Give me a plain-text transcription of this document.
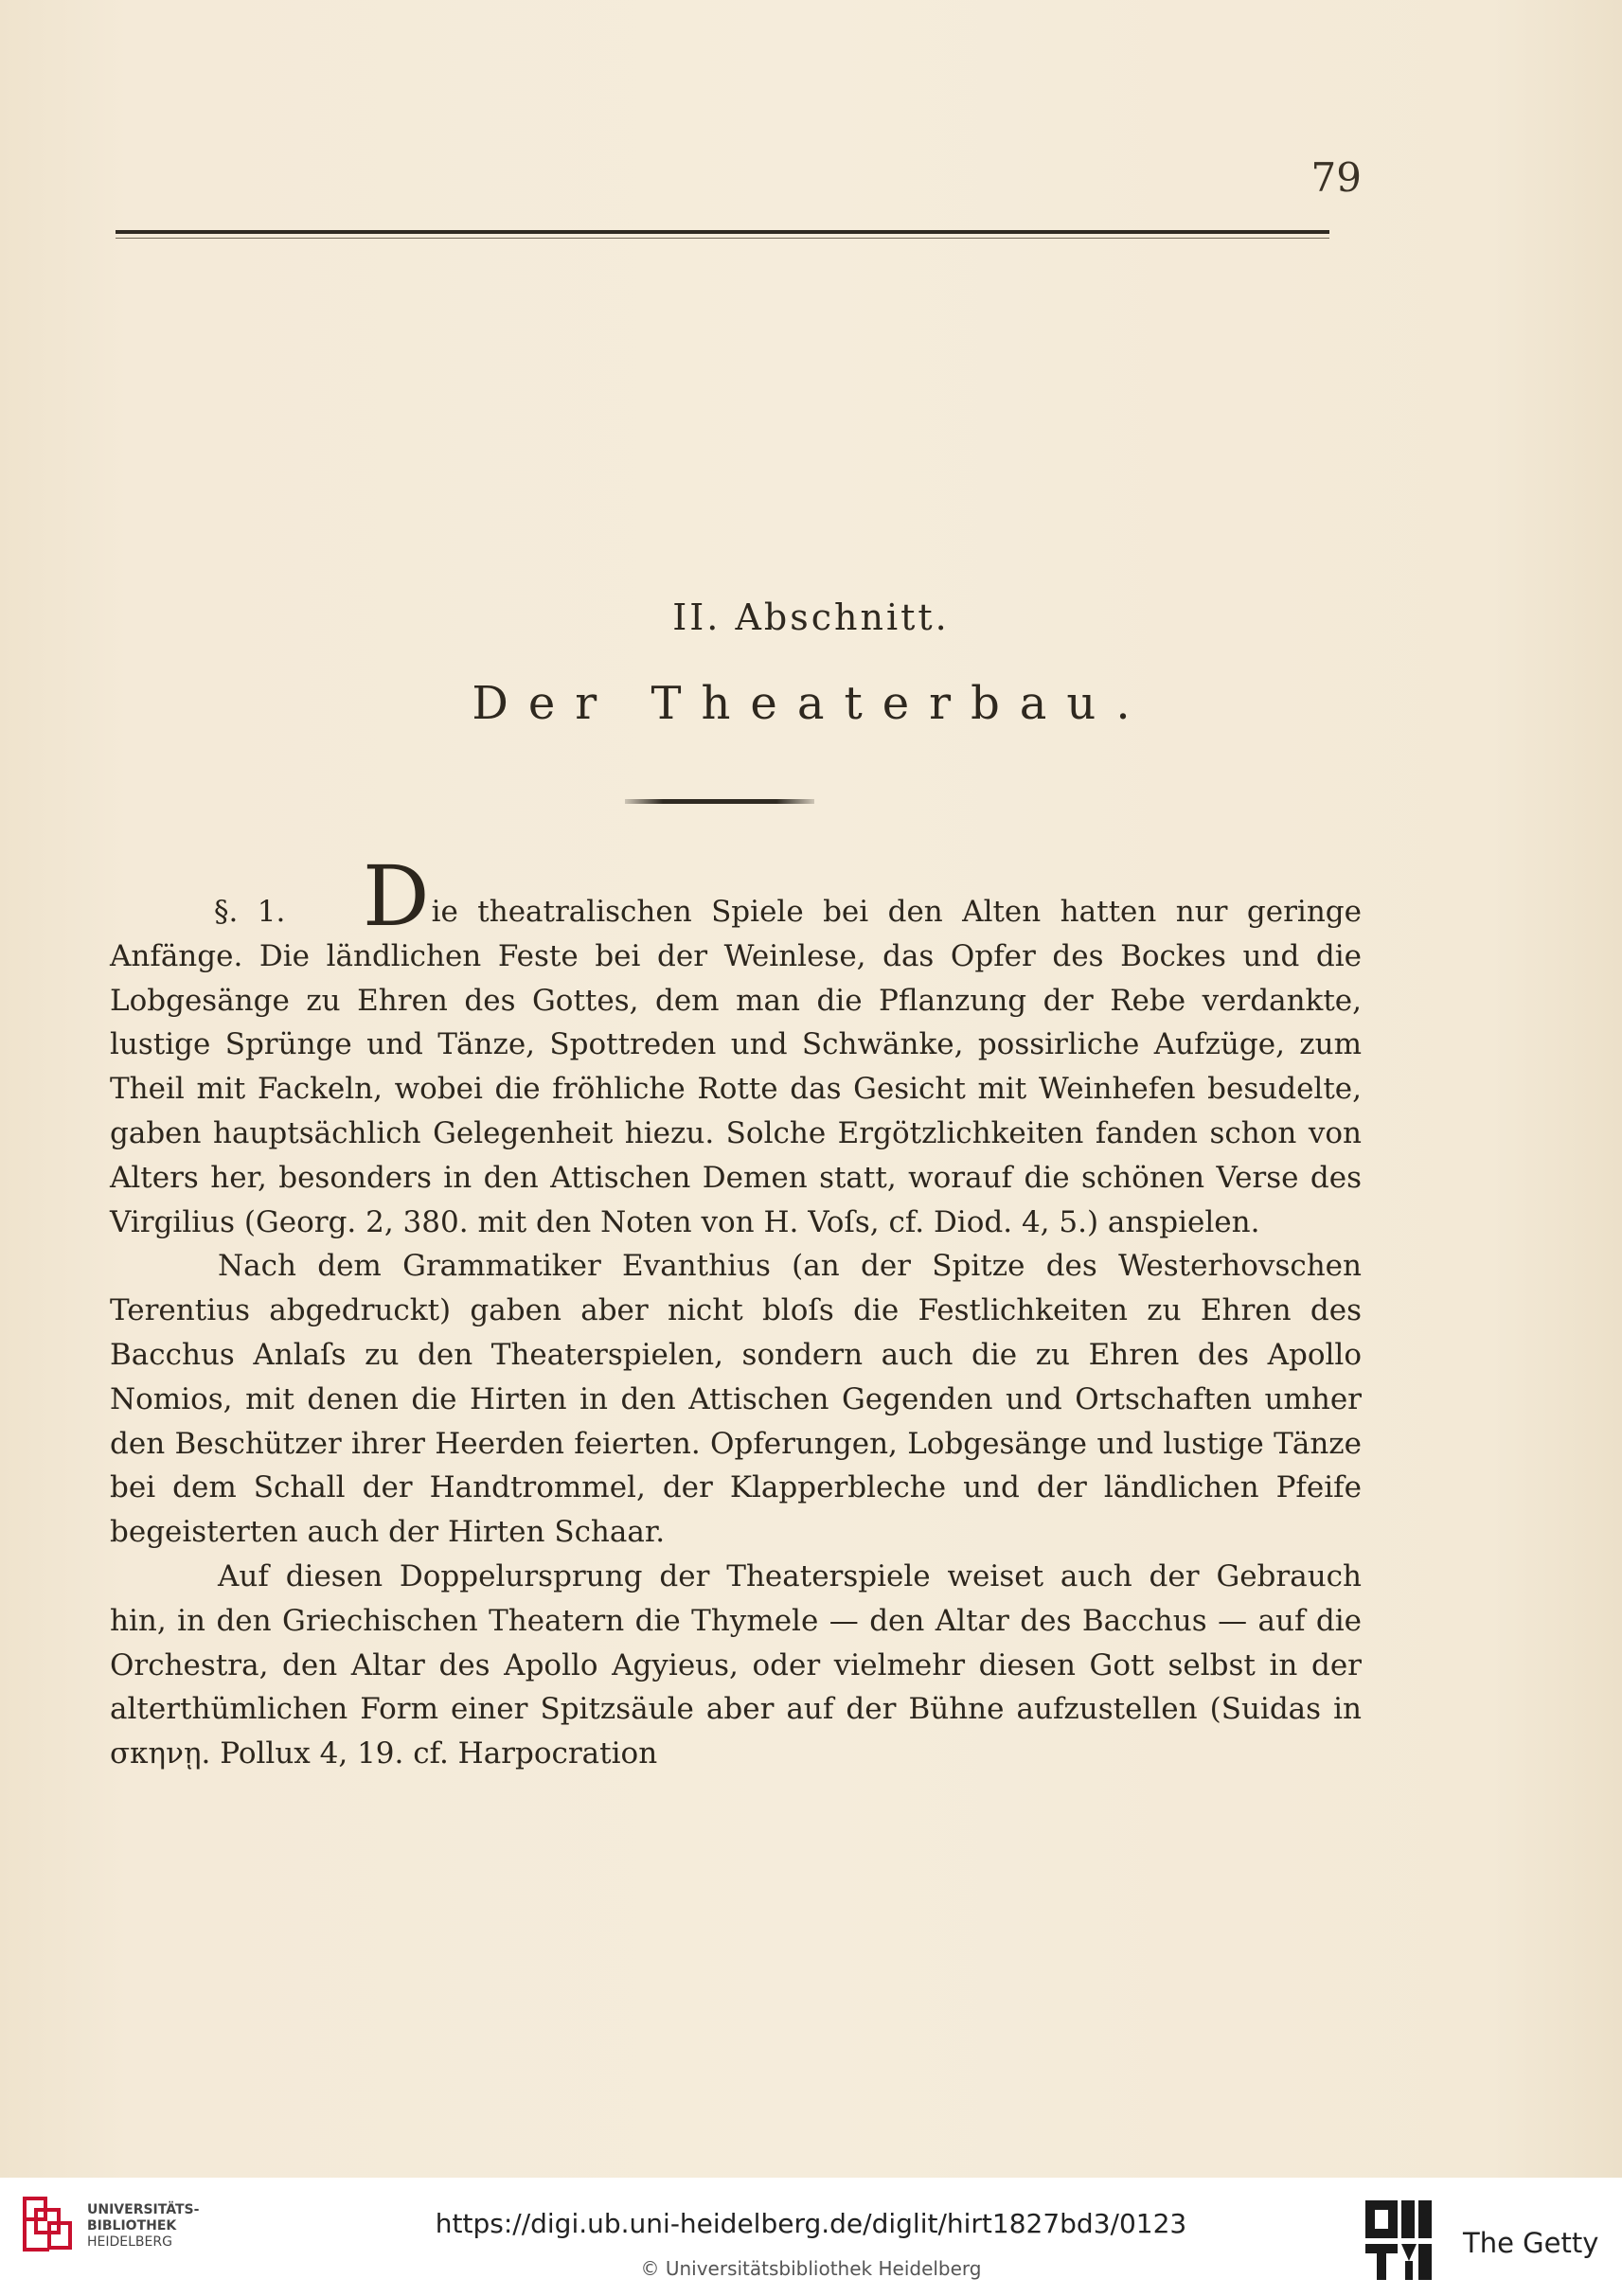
79
II. Abschnitt.
Der Theaterbau.

§. 1. Die theatralischen Spiele bei den Alten hatten nur geringe Anfänge. Die ländlichen Feste bei der Weinlese, das Opfer des Bockes und die Lobgesänge zu Ehren des Gottes, dem man die Pflanzung der Rebe verdankte, lustige Sprünge und Tänze, Spottreden und Schwänke, possirliche Aufzüge, zum Theil mit Fackeln, wobei die fröhliche Rotte das Gesicht mit Weinhefen besudelte, gaben hauptsächlich Gelegenheit hiezu. Solche Ergötzlichkeiten fanden schon von Alters her, besonders in den Attischen Demen statt, worauf die schönen Verse des Virgilius (Georg. 2, 380. mit den Noten von H. Voſs, cf. Diod. 4, 5.) anspielen.

Nach dem Grammatiker Evanthius (an der Spitze des Westerhovschen Terentius abgedruckt) gaben aber nicht bloſs die Festlichkeiten zu Ehren des Bacchus Anlaſs zu den Theaterspielen, sondern auch die zu Ehren des Apollo Nomios, mit denen die Hirten in den Attischen Gegenden und Ortschaften umher den Beschützer ihrer Heerden feierten. Opferungen, Lobgesänge und lustige Tänze bei dem Schall der Handtrommel, der Klapperbleche und der ländlichen Pfeife begeisterten auch der Hirten Schaar.

Auf diesen Doppelursprung der Theaterspiele weiset auch der Gebrauch hin, in den Griechischen Theatern die Thymele — den Altar des Bacchus — auf die Orchestra, den Altar des Apollo Agyieus, oder vielmehr diesen Gott selbst in der alterthümlichen Form einer Spitzsäule aber auf der Bühne aufzustellen (Suidas in σκηνῃ. Pollux 4, 19. cf. Harpocration

UNIVERSITÄTS-
BIBLIOTHEK
HEIDELBERG
https://digi.ub.uni-heidelberg.de/diglit/hirt1827bd3/0123
© Universitätsbibliothek Heidelberg
The Getty
